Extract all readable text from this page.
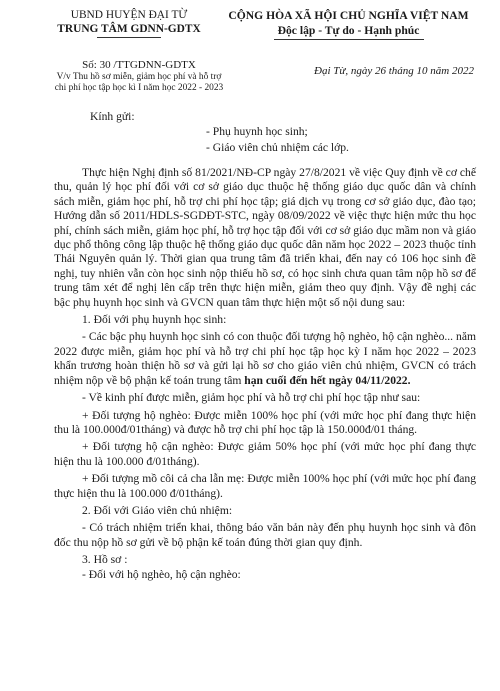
UBND HUYỆN ĐẠI TỪ
TRUNG TÂM GDNN-GDTX
CỘNG HÒA XÃ HỘI CHỦ NGHĨA VIỆT NAM
Độc lập - Tự do - Hạnh phúc
Số: 30 /TTGDNN-GDTX
V/v Thu hồ sơ miễn, giảm học phí và hỗ trợ chi phí học tập học kì I năm học 2022 - 2023
Đại Từ, ngày 26 tháng 10 năm 2022
Kính gửi:
- Phụ huynh học sinh;
- Giáo viên chủ nhiệm các lớp.

Thực hiện Nghị định số 81/2021/NĐ-CP ngày 27/8/2021 về việc Quy định về cơ chế thu, quản lý học phí đối với cơ sở giáo dục thuộc hệ thống giáo dục quốc dân và chính sách miễn, giảm học phí, hỗ trợ chi phí học tập; giá dịch vụ trong cơ sở giáo dục, đào tạo; Hướng dẫn số 2011/HDLS-SGDĐT-STC, ngày 08/09/2022 về việc thực hiện mức thu học phí, chính sách miễn, giảm học phí, hỗ trợ học tập đối với cơ sở giáo dục mầm non và giáo dục phổ thông công lập thuộc hệ thống giáo dục quốc dân năm học 2022 – 2023 thuộc tỉnh Thái Nguyên quản lý. Thời gian qua trung tâm đã triển khai, đến nay có 106 học sinh đề nghị, tuy nhiên vẫn còn học sinh nộp thiếu hồ sơ, có học sinh chưa quan tâm nộp hồ sơ để trung tâm xét để nghị lên cấp trên thực hiện miễn, giảm theo quy định. Vậy đề nghị các bậc phụ huynh học sinh và GVCN quan tâm thực hiện một số nội dung sau:

1. Đối với phụ huynh học sinh:

- Các bậc phụ huynh học sinh có con thuộc đối tượng hộ nghèo, hộ cận nghèo... năm 2022 được miễn, giảm học phí và hỗ trợ chi phí học tập học kỳ I năm học 2022 – 2023 khẩn trương hoàn thiện hồ sơ và gửi lại hồ sơ cho giáo viên chủ nhiệm, GVCN có trách nhiệm nộp về bộ phận kế toán trung tâm hạn cuối đến hết ngày 04/11/2022.

- Về kinh phí được miễn, giảm học phí và hỗ trợ chi phí học tập như sau:

+ Đối tượng hộ nghèo: Được miễn 100% học phí (với mức học phí đang thực hiện thu là 100.000đ/01tháng) và được hỗ trợ chi phí học tập là 150.000đ/01 tháng.

+ Đối tượng hộ cận nghèo: Được giảm 50% học phí (với mức học phí đang thực hiện thu là 100.000 đ/01tháng).

+ Đối tượng mồ côi cả cha lẫn mẹ: Được miễn 100% học phí (với mức học phí đang thực hiện thu là 100.000 đ/01tháng).

2. Đối với Giáo viên chủ nhiệm:

- Có trách nhiệm triển khai, thông báo văn bản này đến phụ huynh học sinh và đôn đốc thu nộp hồ sơ gửi về bộ phận kế toán đúng thời gian quy định.

3. Hồ sơ :

- Đối với hộ nghèo, hộ cận nghèo:
